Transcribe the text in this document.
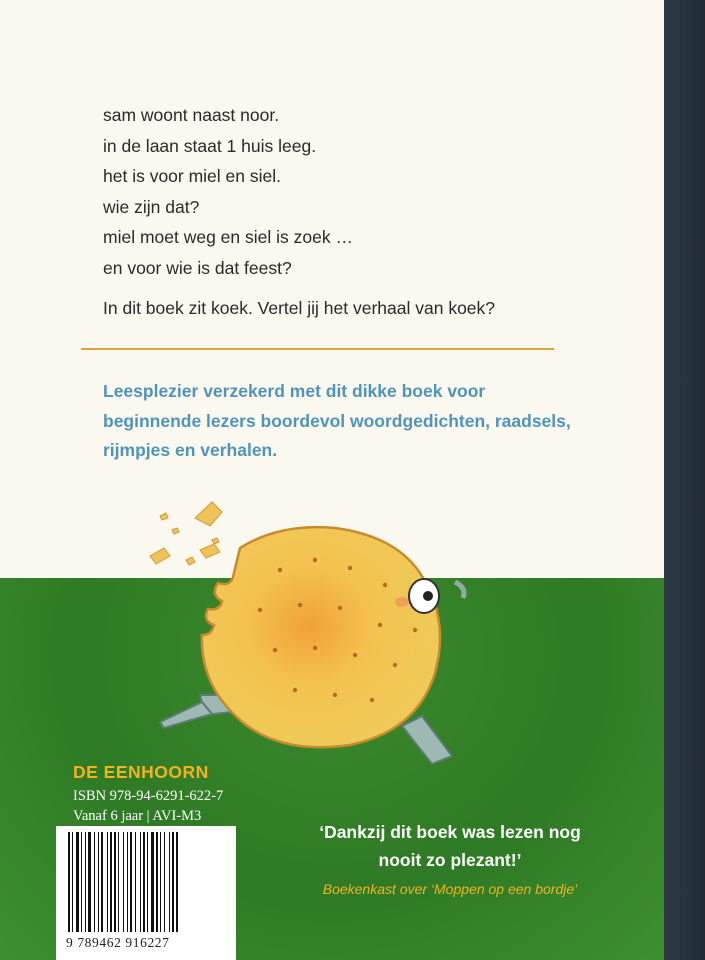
sam woont naast noor.
in de laan staat 1 huis leeg.
het is voor miel en siel.
wie zijn dat?
miel moet weg en siel is zoek …
en voor wie is dat feest?
In dit boek zit koek. Vertel jij het verhaal van koek?

Leesplezier verzekerd met dit dikke boek voor beginnende lezers boordevol woordgedichten, raadsels, rijmpjes en verhalen.

DE EENHOORN
ISBN 978-94-6291-622-7
Vanaf 6 jaar | AVI-M3
9 789462 916227

‘Dankzij dit boek was lezen nog nooit zo plezant!’

Boekenkast over ‘Moppen op een bordje’
